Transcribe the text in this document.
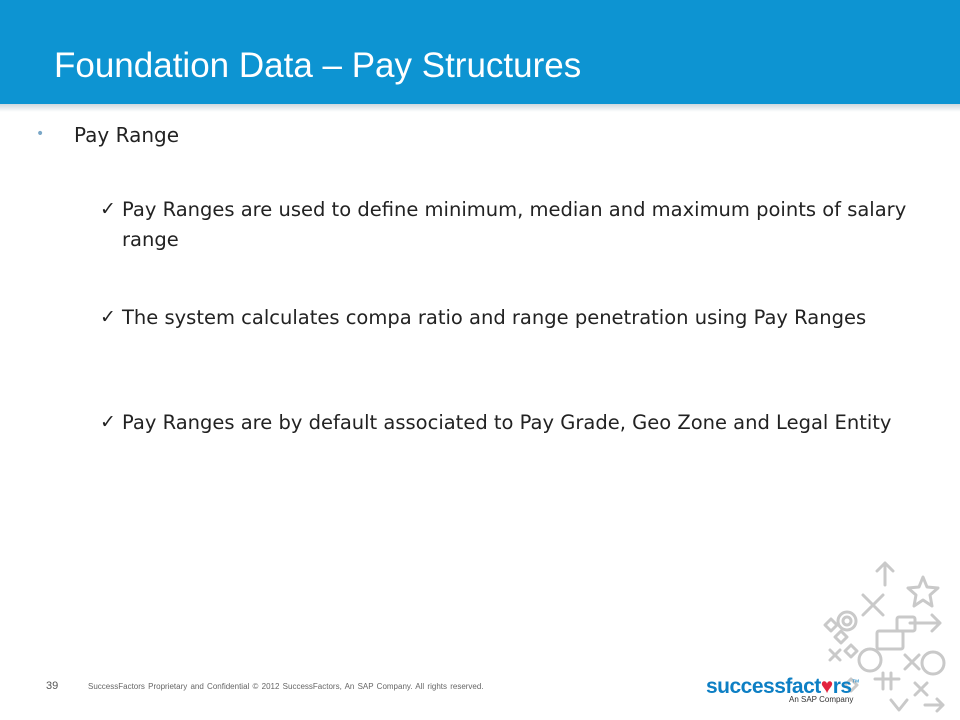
Foundation Data – Pay Structures
• Pay Range
✓ Pay Ranges are used to define minimum, median and maximum points of salary range
✓ The system calculates compa ratio and range penetration using Pay Ranges
✓ Pay Ranges are by default associated to Pay Grade, Geo Zone and Legal Entity
39	SuccessFactors Proprietary and Confidential © 2012 SuccessFactors, An SAP Company. All rights reserved.	successfact♥rs™
An SAP Company
